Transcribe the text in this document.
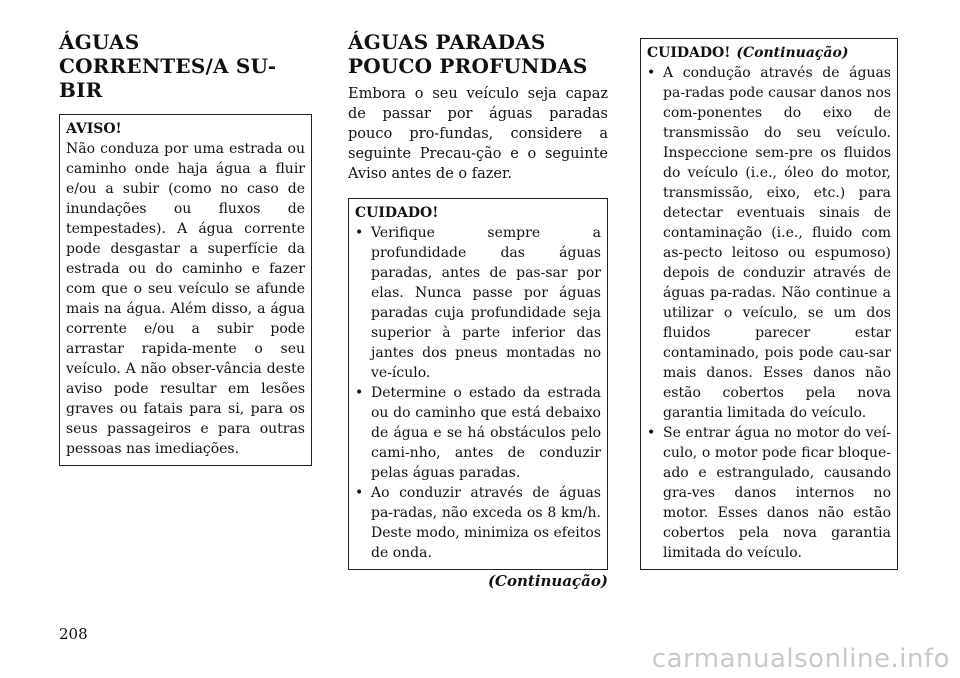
ÁGUAS CORRENTES/A SU-
BIR
AVISO!

Não conduza por uma estrada ou caminho onde haja água a fluir e/ou a subir (como no caso de inundações ou fluxos de tempestades). A água corrente pode desgastar a superfície da estrada ou do caminho e fazer com que o seu veículo se afunde mais na água. Além disso, a água corrente e/ou a subir pode arrastar rapida-mente o seu veículo. A não obser-vância deste aviso pode resultar em lesões graves ou fatais para si, para os seus passageiros e para outras pessoas nas imediações.

ÁGUAS PARADAS POUCO PROFUNDAS

Embora o seu veículo seja capaz de passar por águas paradas pouco pro-fundas, considere a seguinte Precau-ção e o seguinte Aviso antes de o fazer.

CUIDADO!
• Verifique sempre a profundidade das águas paradas, antes de pas-sar por elas. Nunca passe por águas paradas cuja profundidade seja superior à parte inferior das jantes dos pneus montadas no ve-ículo.
• Determine o estado da estrada ou do caminho que está debaixo de água e se há obstáculos pelo cami-nho, antes de conduzir pelas águas paradas.
• Ao conduzir através de águas pa-radas, não exceda os 8 km/h. Deste modo, minimiza os efeitos de onda.
(Continuação)
CUIDADO! (Continuação)
• A condução através de águas pa-radas pode causar danos nos com-ponentes do eixo de transmissão do seu veículo. Inspeccione sem-pre os fluidos do veículo (i.e., óleo do motor, transmissão, eixo, etc.) para detectar eventuais sinais de contaminação (i.e., fluido com as-pecto leitoso ou espumoso) depois de conduzir através de águas pa-radas. Não continue a utilizar o veículo, se um dos fluidos parecer estar contaminado, pois pode cau-sar mais danos. Esses danos não estão cobertos pela nova garantia limitada do veículo.
• Se entrar água no motor do veí-culo, o motor pode ficar bloque-ado e estrangulado, causando gra-ves danos internos no motor. Esses danos não estão cobertos pela nova garantia limitada do veículo.
208
carmanualsonline.info
